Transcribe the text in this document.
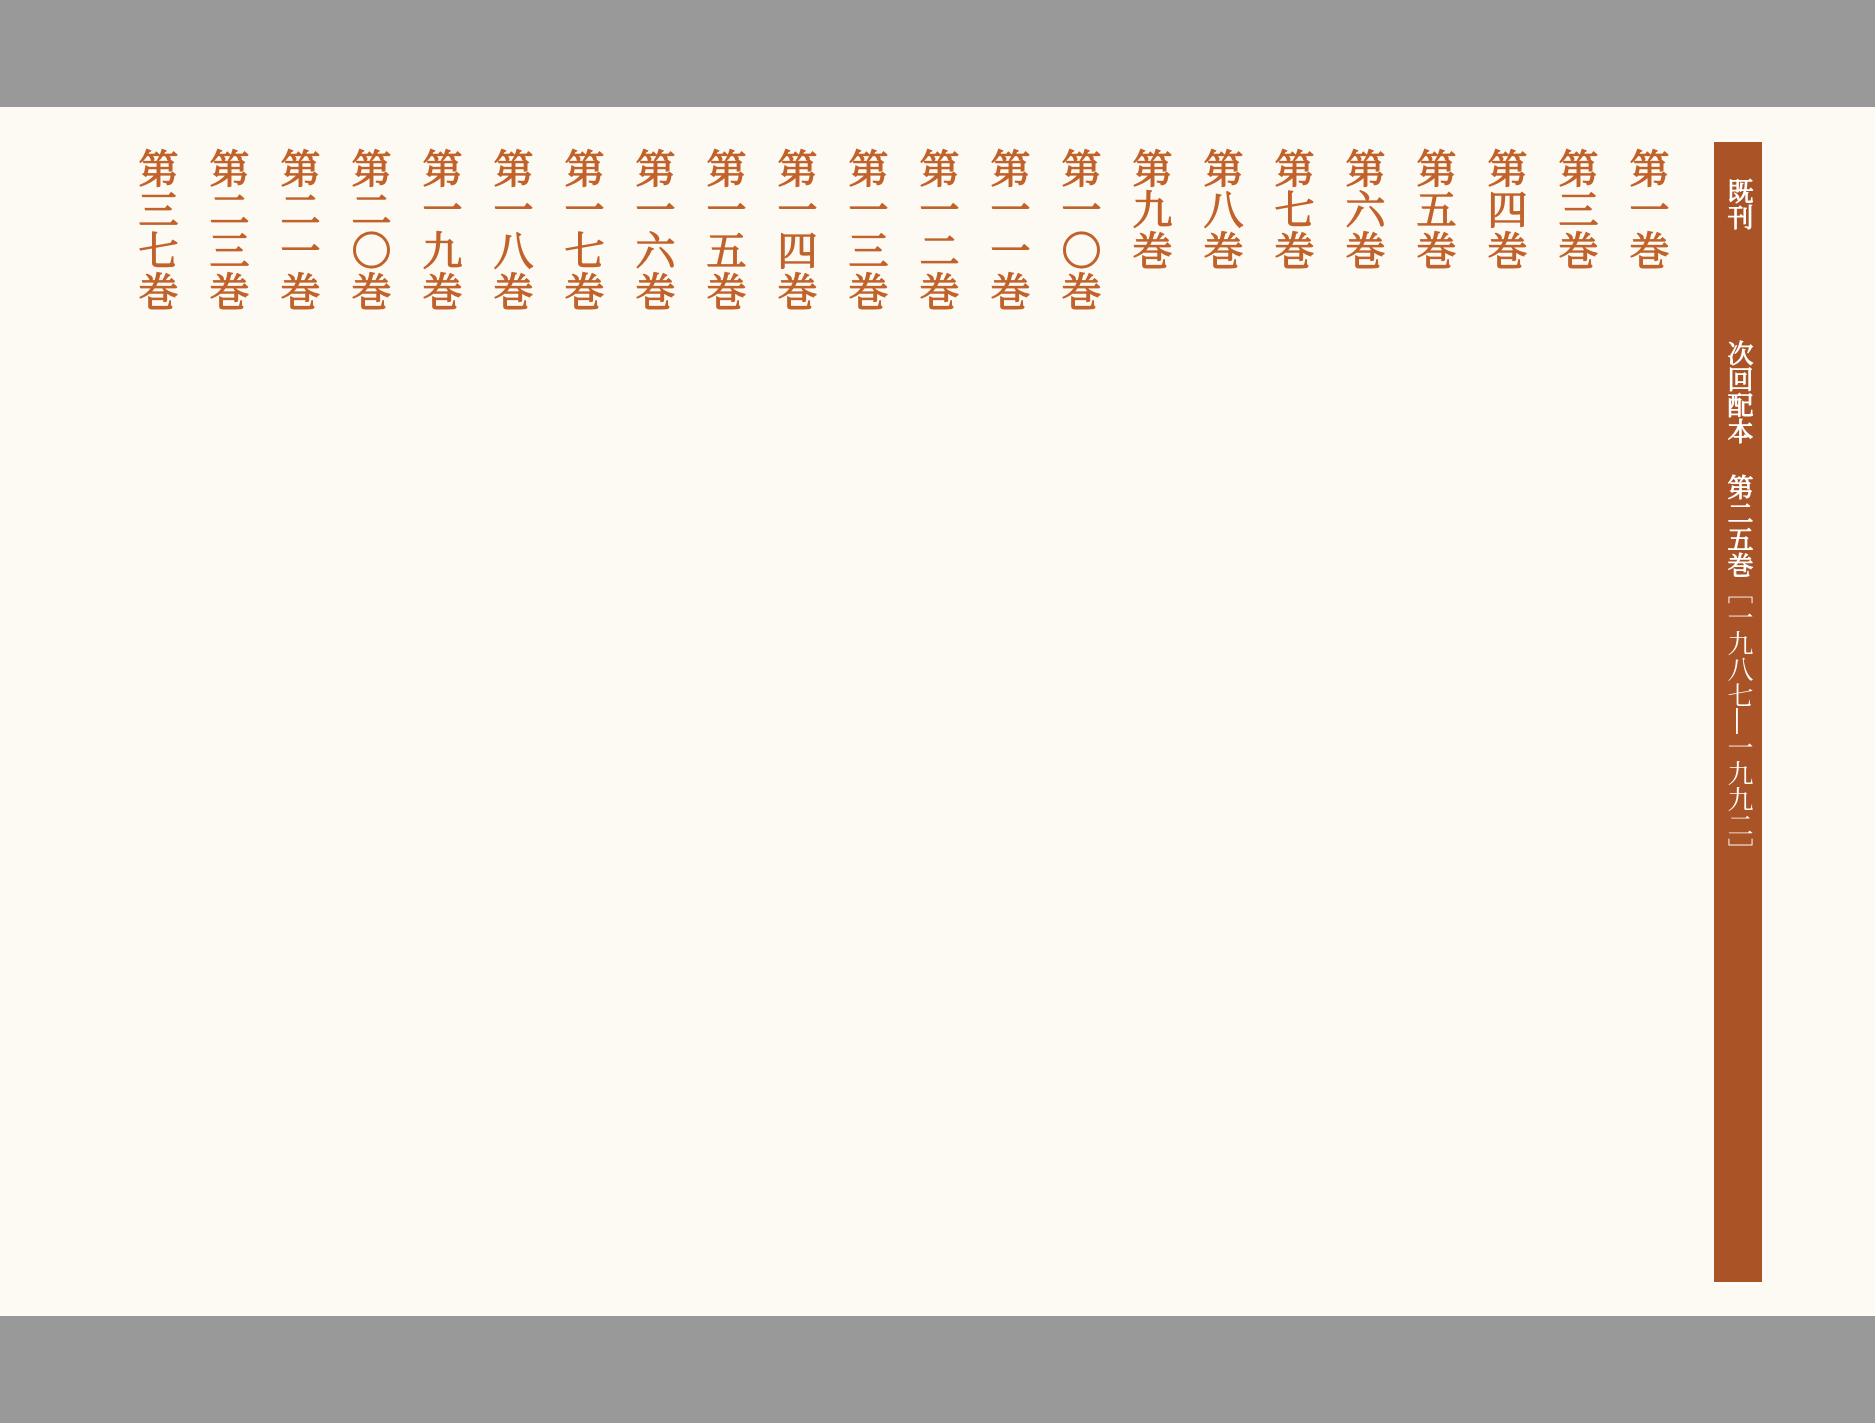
既刊次回配本第二五巻［一九八七―一九九二］
第一巻
第三巻
第四巻
第五巻
第六巻
第七巻
第八巻
第九巻
第一〇巻
第一一巻
第一二巻
第一三巻
第一四巻
第一五巻
第一六巻
第一七巻
第一八巻
第一九巻
第二〇巻
第二一巻
第二三巻
第三七巻
